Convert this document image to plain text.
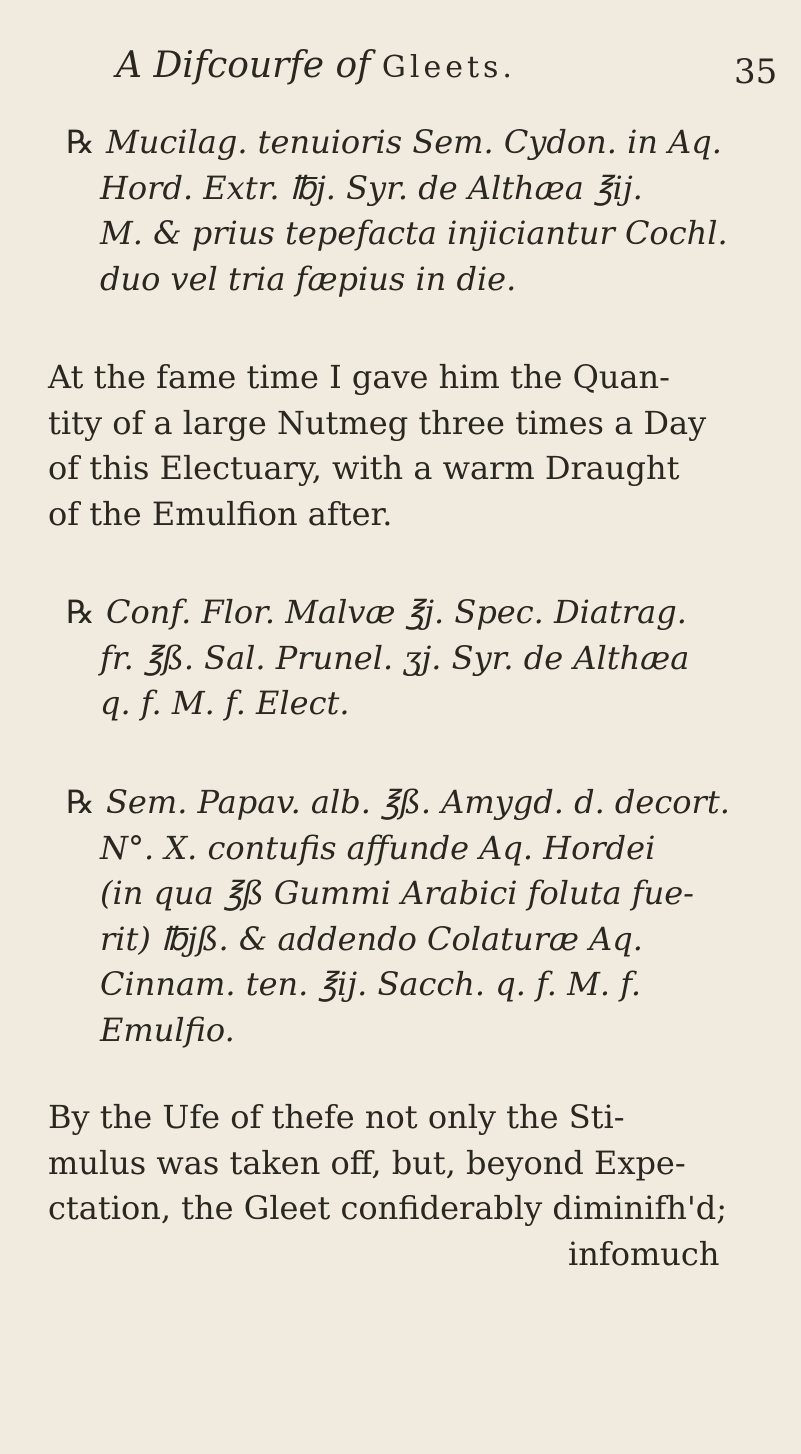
A Difcourfe of Gleets.	35
℞ Mucilag. tenuioris Sem. Cydon. in Aq.
Hord. Extr. ℔j. Syr. de Althæa ℥ij.
M. & prius tepefacta injiciantur Cochl.
duo vel tria fæpius in die.
At the fame time I gave him the Quan-
tity of a large Nutmeg three times a Day
of this Electuary, with a warm Draught
of the Emulfion after.
℞ Conf. Flor. Malvæ ℥j. Spec. Diatrag.
fr. ℥ß. Sal. Prunel. ʒj. Syr. de Althæa
q. f. M. f. Elect.
℞ Sem. Papav. alb. ℥ß. Amygd. d. decort.
N°. X. contufis affunde Aq. Hordei
(in qua ℥ß Gummi Arabici foluta fue-
rit) ℔jß. & addendo Colaturæ Aq.
Cinnam. ten. ℥ij. Sacch. q. f. M. f.
Emulfio.
By the Ufe of thefe not only the Sti-
mulus was taken off, but, beyond Expe-
ctation, the Gleet confiderably diminifh'd;
infomuch
